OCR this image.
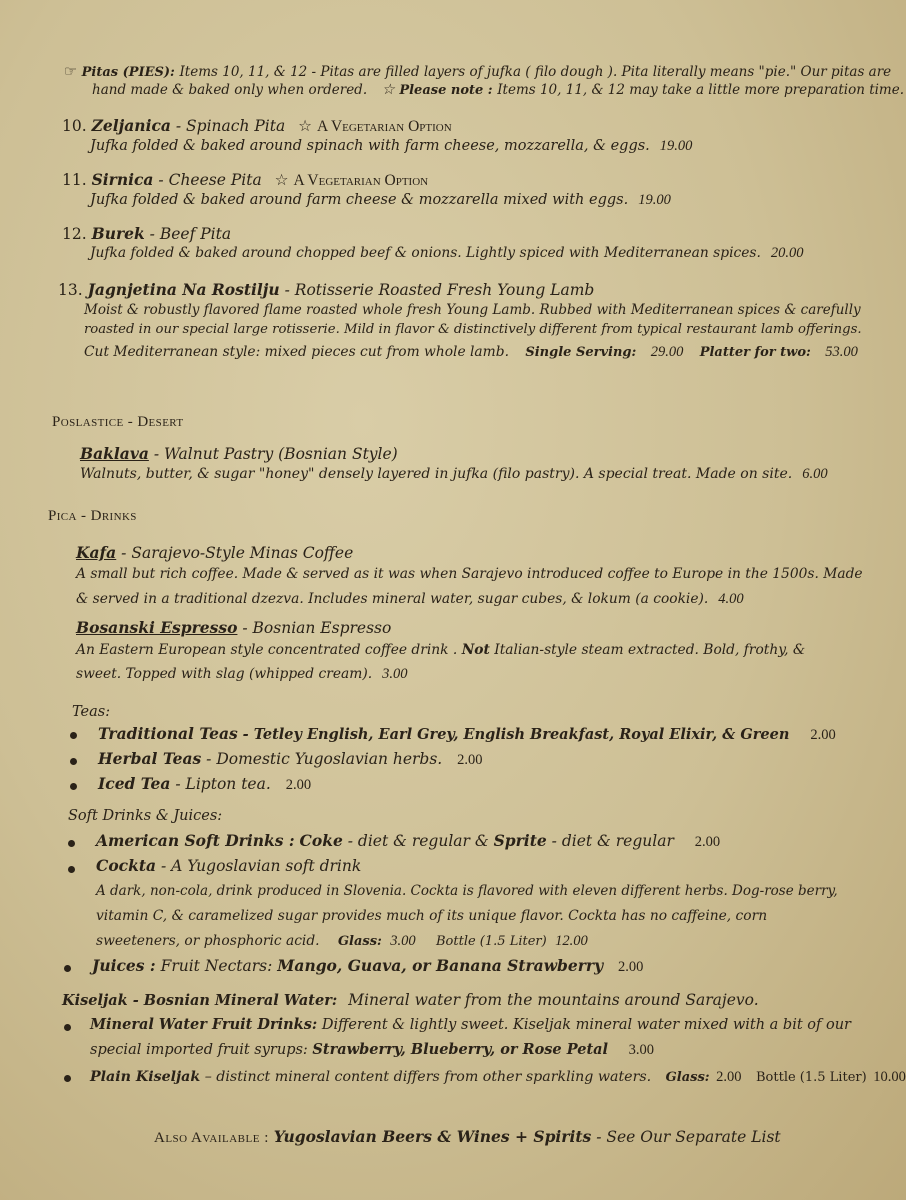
☞ Pitas (PIES): Items 10, 11, & 12 - Pitas are filled layers of jufka ( filo dough ). Pita literally means "pie." Our pitas are
hand made & baked only when ordered. ☆ Please note : Items 10, 11, & 12 may take a little more preparation time.
10. Zeljanica - Spinach Pita ☆ A Vegetarian Option
Jufka folded & baked around spinach with farm cheese, mozzarella, & eggs. 19.00
11. Sirnica - Cheese Pita ☆ A Vegetarian Option
Jufka folded & baked around farm cheese & mozzarella mixed with eggs. 19.00
12. Burek - Beef Pita
Jufka folded & baked around chopped beef & onions. Lightly spiced with Mediterranean spices. 20.00
13. Jagnjetina Na Rostilju - Rotisserie Roasted Fresh Young Lamb
Moist & robustly flavored flame roasted whole fresh Young Lamb. Rubbed with Mediterranean spices & carefully
roasted in our special large rotisserie. Mild in flavor & distinctively different from typical restaurant lamb offerings.
Cut Mediterranean style: mixed pieces cut from whole lamb. Single Serving: 29.00 Platter for two: 53.00
Poslastice - Desert
Baklava - Walnut Pastry (Bosnian Style)
Walnuts, butter, & sugar "honey" densely layered in jufka (filo pastry). A special treat. Made on site. 6.00
Pica - Drinks
Kafa - Sarajevo-Style Minas Coffee
A small but rich coffee. Made & served as it was when Sarajevo introduced coffee to Europe in the 1500s. Made
& served in a traditional dzezva. Includes mineral water, sugar cubes, & lokum (a cookie). 4.00
Bosanski Espresso - Bosnian Espresso
An Eastern European style concentrated coffee drink . Not Italian-style steam extracted. Bold, frothy, &
sweet. Topped with slag (whipped cream). 3.00
Teas:
Traditional Teas - Tetley English, Earl Grey, English Breakfast, Royal Elixir, & Green 2.00
Herbal Teas - Domestic Yugoslavian herbs. 2.00
Iced Tea - Lipton tea. 2.00
Soft Drinks & Juices:
American Soft Drinks : Coke - diet & regular & Sprite - diet & regular 2.00
Cockta - A Yugoslavian soft drink
A dark, non-cola, drink produced in Slovenia. Cockta is flavored with eleven different herbs. Dog-rose berry,
vitamin C, & caramelized sugar provides much of its unique flavor. Cockta has no caffeine, corn
sweeteners, or phosphoric acid. Glass: 3.00 Bottle (1.5 Liter) 12.00
Juices : Fruit Nectars: Mango, Guava, or Banana Strawberry 2.00
Kiseljak - Bosnian Mineral Water: Mineral water from the mountains around Sarajevo.
Mineral Water Fruit Drinks: Different & lightly sweet. Kiseljak mineral water mixed with a bit of our
special imported fruit syrups: Strawberry, Blueberry, or Rose Petal 3.00
Plain Kiseljak – distinct mineral content differs from other sparkling waters. Glass: 2.00 Bottle (1.5 Liter) 10.00
Also Available : Yugoslavian Beers & Wines + Spirits - See Our Separate List
